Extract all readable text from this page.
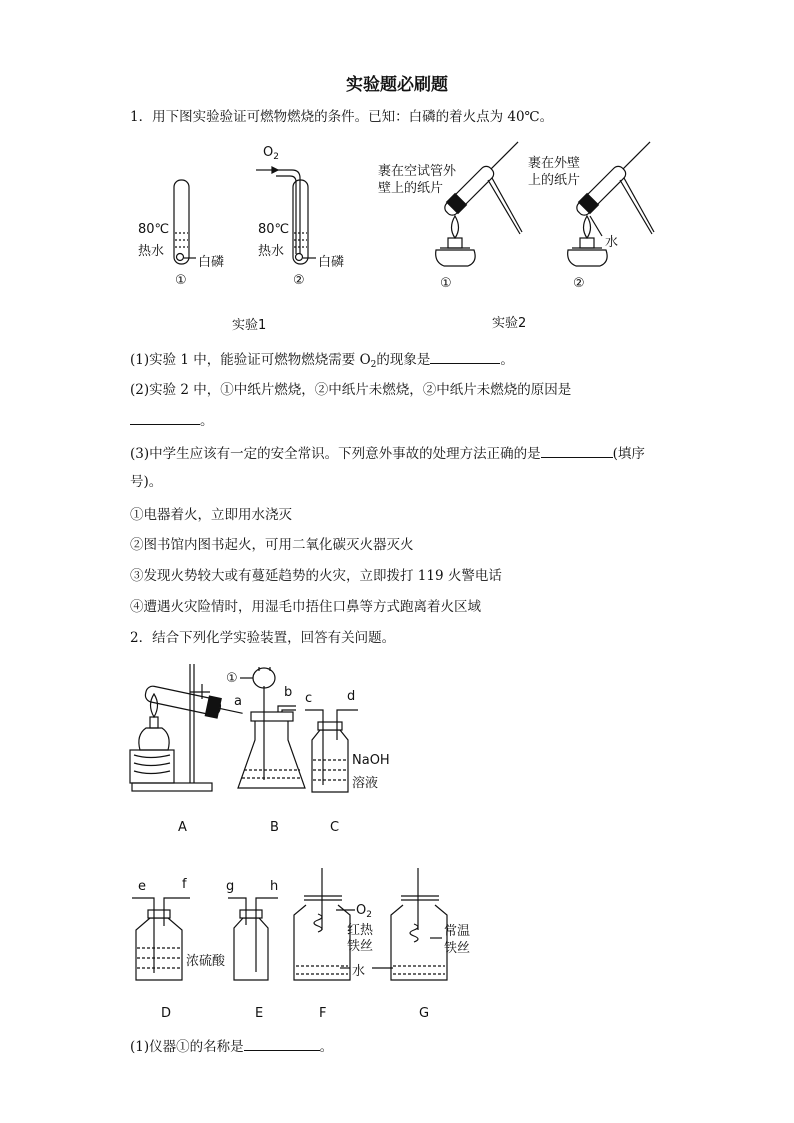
实验题必刷题
1．用下图实验验证可燃物燃烧的条件。已知：白磷的着火点为 40℃。
$O_2$
80℃
热水
白磷
80℃
热水
白磷
①	②
实验1
裹在空试管外
壁上的纸片
裹在外壁
上的纸片
水
①	②
实验2
(1)实验 1 中，能验证可燃物燃烧需要 $O_2$的现象是	。
(2)实验 2 中，①中纸片燃烧，②中纸片未燃烧，②中纸片未燃烧的原因是
。
(3)中学生应该有一定的安全常识。下列意外事故的处理方法正确的是	(填序
号)。
①电器着火，立即用水浇灭
②图书馆内图书起火，可用二氧化碳灭火器灭火
③发现火势较大或有蔓延趋势的火灾，立即拨打 119 火警电话
④遭遇火灾险情时，用湿毛巾捂住口鼻等方式跑离着火区域
2．结合下列化学实验装置，回答有关问题。
①
a
b c	d
NaOH
溶液
e	f	g	h
浓硫酸
$O_2$
红热
铁丝
水
常温
铁丝
A	B	C
D	E	F	G
(1)仪器①的名称是	。
